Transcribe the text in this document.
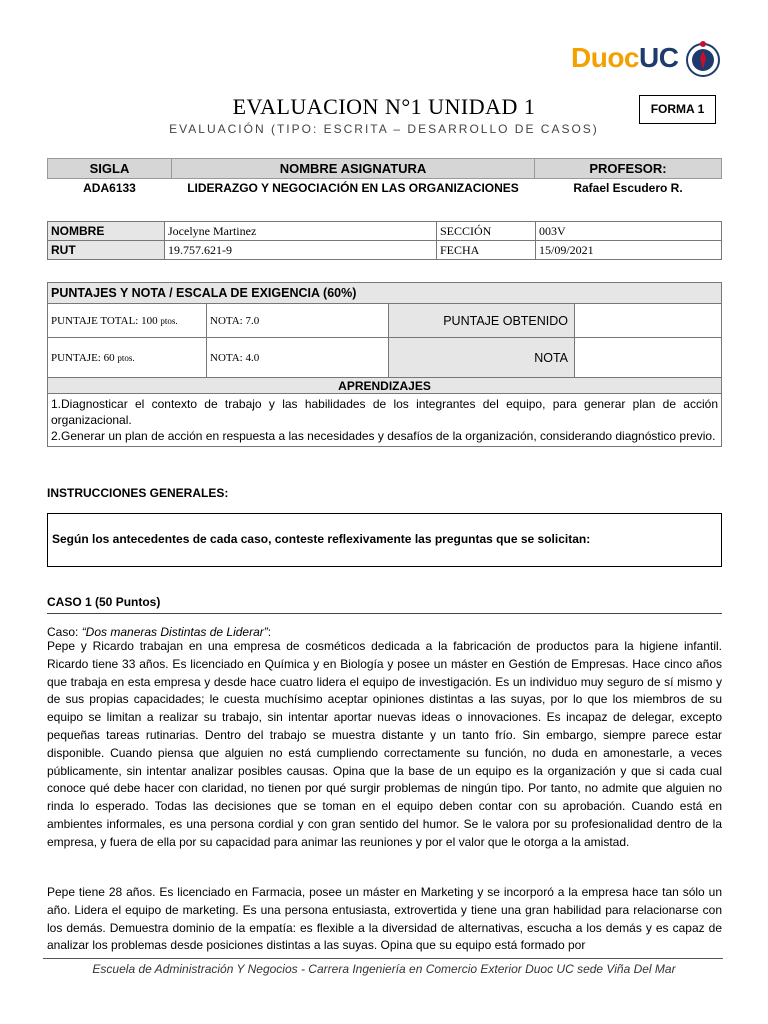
DuocUC
EVALUACION N°1 UNIDAD 1
EVALUACIÓN (TIPO: ESCRITA – DESARROLLO DE CASOS)
FORMA 1
SIGLA	NOMBRE ASIGNATURA	PROFESOR:
ADA6133	LIDERAZGO Y NEGOCIACIÓN EN LAS ORGANIZACIONES	Rafael Escudero R.
NOMBRE	Jocelyne Martinez	SECCIÓN	003V
RUT	19.757.621-9	FECHA	15/09/2021
PUNTAJES Y NOTA / ESCALA DE EXIGENCIA (60%)			
PUNTAJE TOTAL: 100 ptos.	NOTA: 7.0	PUNTAJE OBTENIDO	
PUNTAJE: 60 ptos.	NOTA: 4.0	NOTA	
APRENDIZAJES			

1.Diagnosticar el contexto de trabajo y las habilidades de los integrantes del equipo, para generar plan de acción organizacional.
2.Generar un plan de acción en respuesta a las necesidades y desafíos de la organización, considerando diagnóstico previo.			
INSTRUCCIONES GENERALES:
Según los antecedentes de cada caso, conteste reflexivamente las preguntas que se solicitan:
CASO 1 (50 Puntos)
Caso: “Dos maneras Distintas de Liderar”:
Pepe y Ricardo trabajan en una empresa de cosméticos dedicada a la fabricación de productos para la higiene infantil. Ricardo tiene 33 años. Es licenciado en Química y en Biología y posee un máster en Gestión de Empresas. Hace cinco años que trabaja en esta empresa y desde hace cuatro lidera el equipo de investigación. Es un individuo muy seguro de sí mismo y de sus propias capacidades; le cuesta muchísimo aceptar opiniones distintas a las suyas, por lo que los miembros de su equipo se limitan a realizar su trabajo, sin intentar aportar nuevas ideas o innovaciones. Es incapaz de delegar, excepto pequeñas tareas rutinarias. Dentro del trabajo se muestra distante y un tanto frío. Sin embargo, siempre parece estar disponible. Cuando piensa que alguien no está cumpliendo correctamente su función, no duda en amonestarle, a veces públicamente, sin intentar analizar posibles causas. Opina que la base de un equipo es la organización y que si cada cual conoce qué debe hacer con claridad, no tienen por qué surgir problemas de ningún tipo. Por tanto, no admite que alguien no rinda lo esperado. Todas las decisiones que se toman en el equipo deben contar con su aprobación. Cuando está en ambientes informales, es una persona cordial y con gran sentido del humor. Se le valora por su profesionalidad dentro de la empresa, y fuera de ella por su capacidad para animar las reuniones y por el valor que le otorga a la amistad.
Pepe tiene 28 años. Es licenciado en Farmacia, posee un máster en Marketing y se incorporó a la empresa hace tan sólo un año. Lidera el equipo de marketing. Es una persona entusiasta, extrovertida y tiene una gran habilidad para relacionarse con los demás. Demuestra dominio de la empatía: es flexible a la diversidad de alternativas, escucha a los demás y es capaz de analizar los problemas desde posiciones distintas a las suyas. Opina que su equipo está formado por
Escuela de Administración Y Negocios - Carrera Ingeniería en Comercio Exterior Duoc UC sede Viña Del Mar
